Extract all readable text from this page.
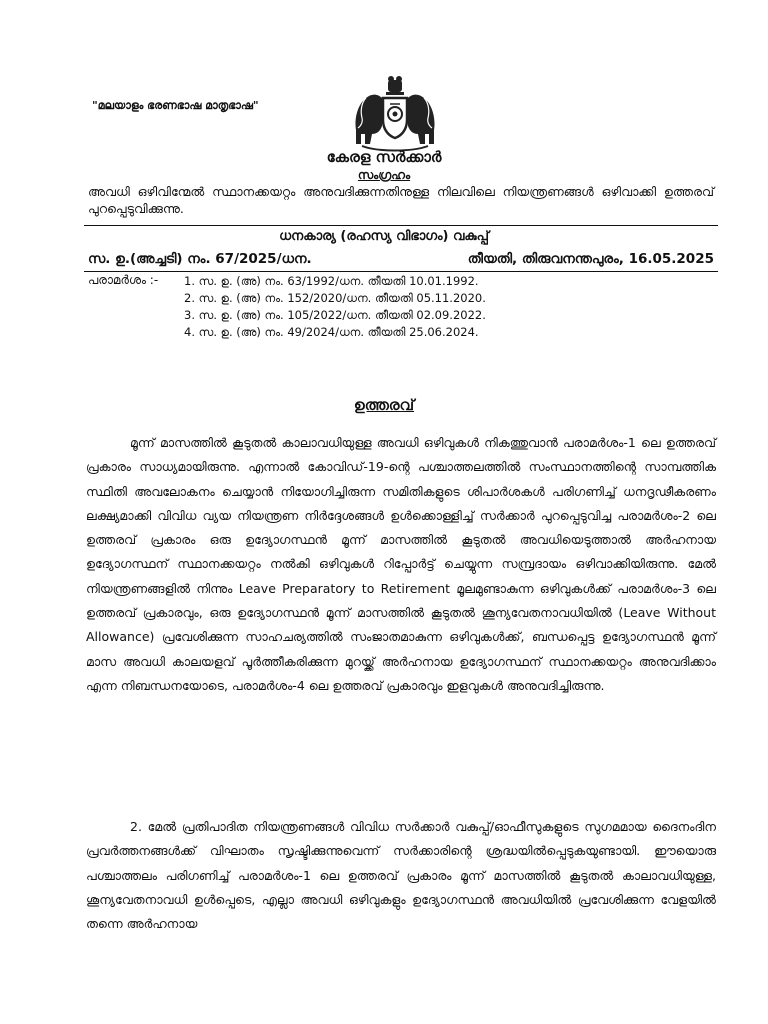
"മലയാളം ഭരണഭാഷ മാതൃഭാഷ"
കേരള സർക്കാർ
സംഗ്രഹം
അവധി ഒഴിവിന്മേൽ സ്ഥാനക്കയറ്റം അനുവദിക്കുന്നതിനുള്ള നിലവിലെ നിയന്ത്രണങ്ങൾ ഒഴിവാക്കി ഉത്തരവ് പുറപ്പെടുവിക്കുന്നു.
ധനകാര്യ (രഹസ്യ വിഭാഗം) വകുപ്പ്
സ. ഉ.(അച്ചടി) നം. 67/2025/ധന.	തീയതി, തിരുവനന്തപുരം, 16.05.2025
പരാമർശം :- 1. സ. ഉ. (അ) നം. 63/1992/ധന. തീയതി 10.01.1992.
2. സ. ഉ. (അ) നം. 152/2020/ധന. തീയതി 05.11.2020.
3. സ. ഉ. (അ) നം. 105/2022/ധന. തീയതി 02.09.2022.
4. സ. ഉ. (അ) നം. 49/2024/ധന. തീയതി 25.06.2024.
ഉത്തരവ്

മൂന്ന് മാസത്തിൽ കൂടുതൽ കാലാവധിയുള്ള അവധി ഒഴിവുകൾ നികത്തുവാൻ പരാമർശം-1 ലെ ഉത്തരവ് പ്രകാരം സാധ്യമായിരുന്നു. എന്നാൽ കോവിഡ്-19-ന്റെ പശ്ചാത്തലത്തിൽ സംസ്ഥാനത്തിന്റെ സാമ്പത്തിക സ്ഥിതി അവലോകനം ചെയ്യാൻ നിയോഗിച്ചിരുന്ന സമിതികളുടെ ശിപാർശകൾ പരിഗണിച്ച് ധനദൃഢീകരണം ലക്ഷ്യമാക്കി വിവിധ വ്യയ നിയന്ത്രണ നിർദ്ദേശങ്ങൾ ഉൾക്കൊള്ളിച്ച് സർക്കാർ പുറപ്പെടുവിച്ച പരാമർശം-2 ലെ ഉത്തരവ് പ്രകാരം ഒരു ഉദ്യോഗസ്ഥൻ മൂന്ന് മാസത്തിൽ കൂടുതൽ അവധിയെടുത്താൽ അർഹനായ ഉദ്യോഗസ്ഥന് സ്ഥാനക്കയറ്റം നൽകി ഒഴിവുകൾ റിപ്പോർട്ട് ചെയ്യുന്ന സമ്പ്രദായം ഒഴിവാക്കിയിരുന്നു. മേൽ നിയന്ത്രണങ്ങളിൽ നിന്നും Leave Preparatory to Retirement മൂലമുണ്ടാകുന്ന ഒഴിവുകൾക്ക് പരാമർശം-3 ലെ ഉത്തരവ് പ്രകാരവും, ഒരു ഉദ്യോഗസ്ഥൻ മൂന്ന് മാസത്തിൽ കൂടുതൽ ശൂന്യവേതനാവധിയിൽ (Leave Without Allowance) പ്രവേശിക്കുന്ന സാഹചര്യത്തിൽ സംജാതമാകുന്ന ഒഴിവുകൾക്ക്, ബന്ധപ്പെട്ട ഉദ്യോഗസ്ഥൻ മൂന്ന് മാസ അവധി കാലയളവ് പൂർത്തീകരിക്കുന്ന മുറയ്ക്ക് അർഹനായ ഉദ്യോഗസ്ഥന് സ്ഥാനക്കയറ്റം അനുവദിക്കാം എന്ന നിബന്ധനയോടെ, പരാമർശം-4 ലെ ഉത്തരവ് പ്രകാരവും ഇളവുകൾ അനുവദിച്ചിരുന്നു.

2. മേൽ പ്രതിപാദിത നിയന്ത്രണങ്ങൾ വിവിധ സർക്കാർ വകുപ്പ്/ഓഫീസുകളുടെ സുഗമമായ ദൈനംദിന പ്രവർത്തനങ്ങൾക്ക് വിഘാതം സൃഷ്ടിക്കുന്നുവെന്ന് സർക്കാരിന്റെ ശ്രദ്ധയിൽപ്പെടുകയുണ്ടായി. ഈയൊരു പശ്ചാത്തലം പരിഗണിച്ച് പരാമർശം-1 ലെ ഉത്തരവ് പ്രകാരം മൂന്ന് മാസത്തിൽ കൂടുതൽ കാലാവധിയുള്ള, ശൂന്യവേതനാവധി ഉൾപ്പെടെ, എല്ലാ അവധി ഒഴിവുകളും ഉദ്യോഗസ്ഥൻ അവധിയിൽ പ്രവേശിക്കുന്ന വേളയിൽ തന്നെ അർഹനായ
